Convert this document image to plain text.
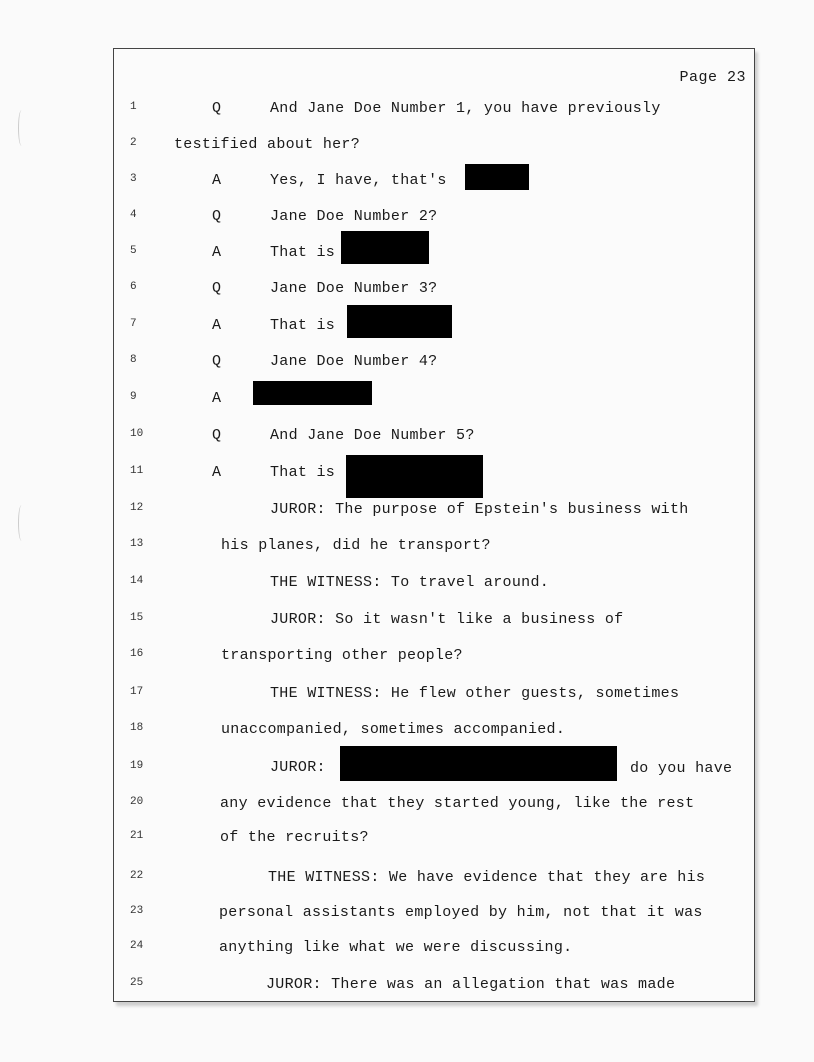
Page 23
1	Q	And Jane Doe Number 1, you have previously
2 testified about her?
3	A	Yes, I have, that's
4	Q	Jane Doe Number 2?
5	A	That is
6	Q	Jane Doe Number 3?
7	A	That is
8	Q	Jane Doe Number 4?
9	A
10	Q	And Jane Doe Number 5?
11	A	That is
12	JUROR: The purpose of Epstein's business with
13	his planes, did he transport?
14	THE WITNESS: To travel around.
15	JUROR: So it wasn't like a business of
16	transporting other people?
17	THE WITNESS: He flew other guests, sometimes
18	unaccompanied, sometimes accompanied.
19	JUROR:	do you have
20	any evidence that they started young, like the rest
21	of the recruits?
22	THE WITNESS: We have evidence that they are his
23	personal assistants employed by him, not that it was
24	anything like what we were discussing.
25	JUROR: There was an allegation that was made
